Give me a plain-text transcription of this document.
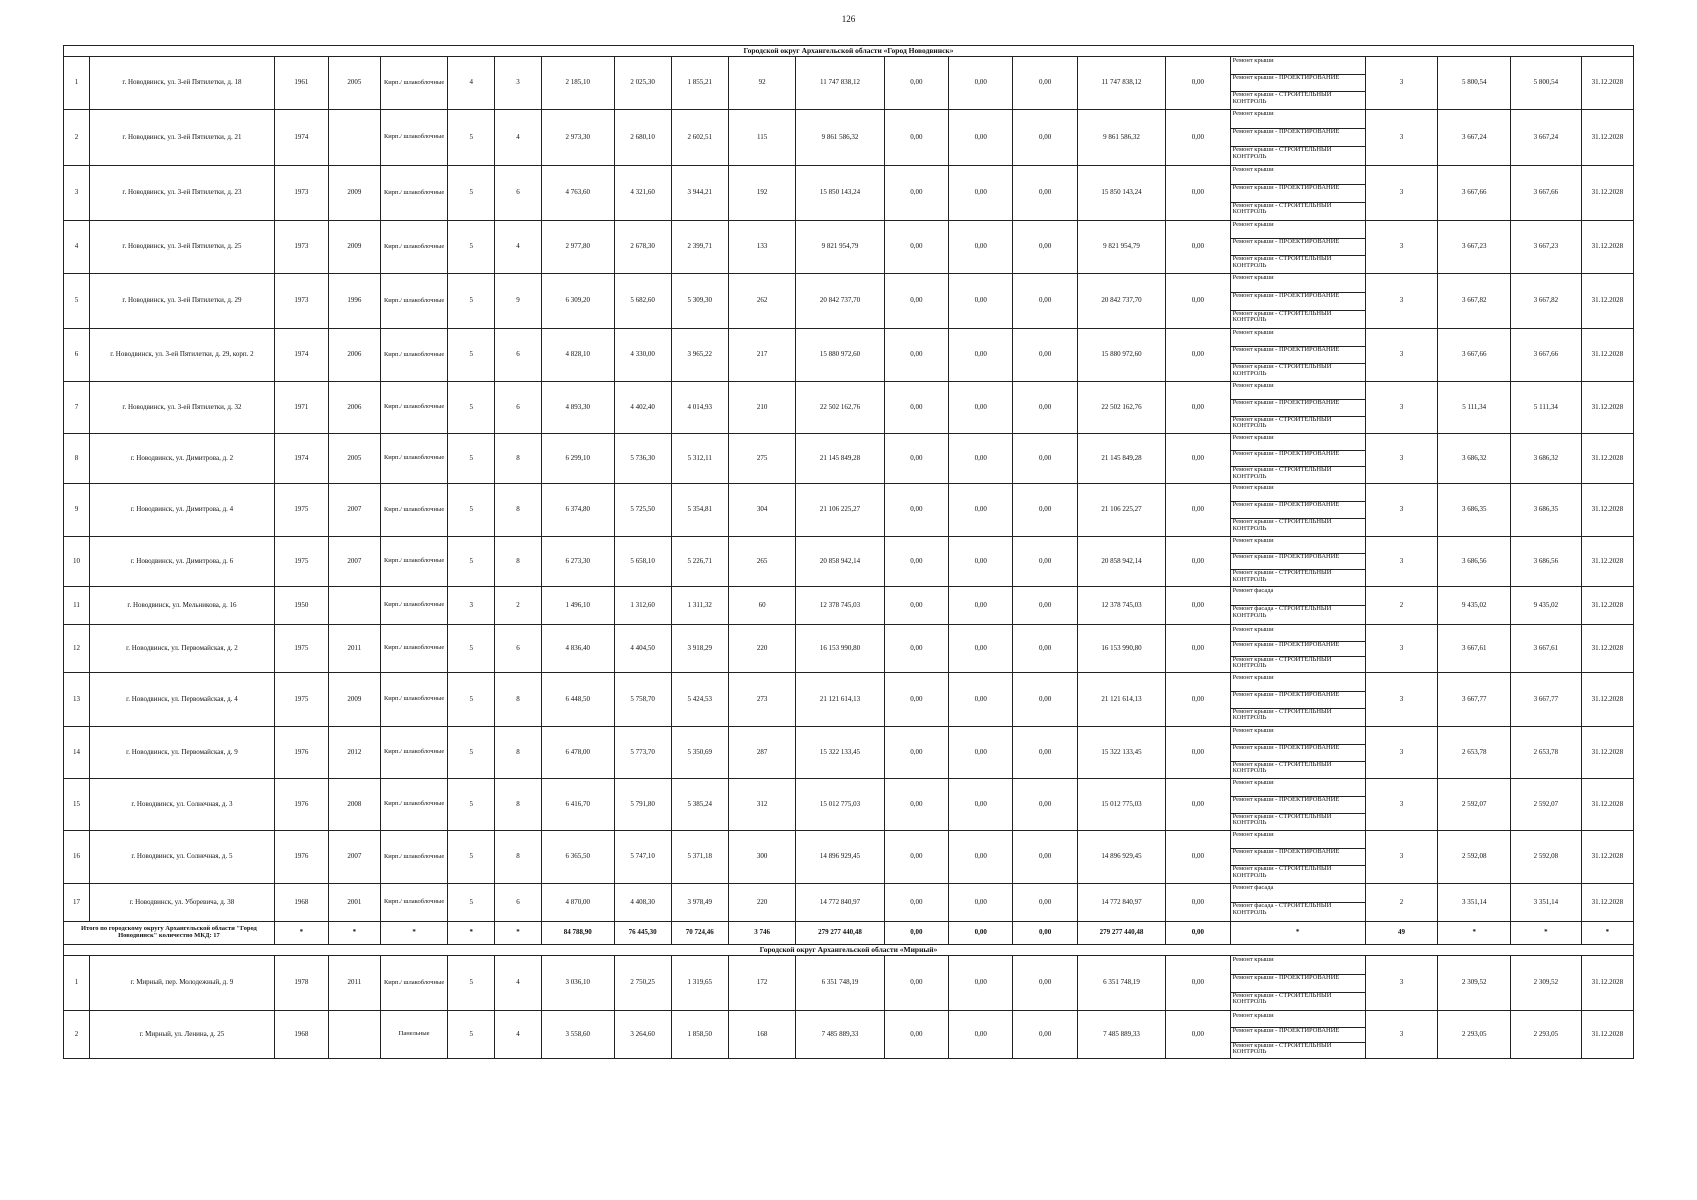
126
Городской округ Архангельской области «Город Новодвинск»																					
1	г. Новодвинск, ул. 3-ей Пятилетки, д. 18	1961	2005	Кирп./ шлакоблочные	4	3	2 185,10	2 025,30	1 855,21	92	11 747 838,12	0,00	0,00	0,00	11 747 838,12	0,00	Ремонт крыши
Ремонт крыши - ПРОЕКТИРОВАНИЕ
Ремонт крыши - СТРОИТЕЛЬНЫЙ КОНТРОЛЬ	3	5 800,54	5 800,54	31.12.2028
2	г. Новодвинск, ул. 3-ей Пятилетки, д. 21	1974		Кирп./ шлакоблочные	5	4	2 973,30	2 680,10	2 602,51	115	9 861 586,32	0,00	0,00	0,00	9 861 586,32	0,00	Ремонт крыши
Ремонт крыши - ПРОЕКТИРОВАНИЕ
Ремонт крыши - СТРОИТЕЛЬНЫЙ КОНТРОЛЬ	3	3 667,24	3 667,24	31.12.2028
3	г. Новодвинск, ул. 3-ей Пятилетки, д. 23	1973	2009	Кирп./ шлакоблочные	5	6	4 763,60	4 321,60	3 944,21	192	15 850 143,24	0,00	0,00	0,00	15 850 143,24	0,00	Ремонт крыши
Ремонт крыши - ПРОЕКТИРОВАНИЕ
Ремонт крыши - СТРОИТЕЛЬНЫЙ КОНТРОЛЬ	3	3 667,66	3 667,66	31.12.2028
4	г. Новодвинск, ул. 3-ей Пятилетки, д. 25	1973	2009	Кирп./ шлакоблочные	5	4	2 977,80	2 678,30	2 399,71	133	9 821 954,79	0,00	0,00	0,00	9 821 954,79	0,00	Ремонт крыши
Ремонт крыши - ПРОЕКТИРОВАНИЕ
Ремонт крыши - СТРОИТЕЛЬНЫЙ КОНТРОЛЬ	3	3 667,23	3 667,23	31.12.2028
5	г. Новодвинск, ул. 3-ей Пятилетки, д. 29	1973	1996	Кирп./ шлакоблочные	5	9	6 309,20	5 682,60	5 309,30	262	20 842 737,70	0,00	0,00	0,00	20 842 737,70	0,00	Ремонт крыши
Ремонт крыши - ПРОЕКТИРОВАНИЕ
Ремонт крыши - СТРОИТЕЛЬНЫЙ КОНТРОЛЬ	3	3 667,82	3 667,82	31.12.2028
6	г. Новодвинск, ул. 3-ей Пятилетки, д. 29, корп. 2	1974	2006	Кирп./ шлакоблочные	5	6	4 828,10	4 330,00	3 965,22	217	15 880 972,60	0,00	0,00	0,00	15 880 972,60	0,00	Ремонт крыши
Ремонт крыши - ПРОЕКТИРОВАНИЕ
Ремонт крыши - СТРОИТЕЛЬНЫЙ КОНТРОЛЬ	3	3 667,66	3 667,66	31.12.2028
7	г. Новодвинск, ул. 3-ей Пятилетки, д. 32	1971	2006	Кирп./ шлакоблочные	5	6	4 893,30	4 402,40	4 014,93	210	22 502 162,76	0,00	0,00	0,00	22 502 162,76	0,00	Ремонт крыши
Ремонт крыши - ПРОЕКТИРОВАНИЕ
Ремонт крыши - СТРОИТЕЛЬНЫЙ КОНТРОЛЬ	3	5 111,34	5 111,34	31.12.2028
8	г. Новодвинск, ул. Димитрова, д. 2	1974	2005	Кирп./ шлакоблочные	5	8	6 299,10	5 736,30	5 312,11	275	21 145 849,28	0,00	0,00	0,00	21 145 849,28	0,00	Ремонт крыши
Ремонт крыши - ПРОЕКТИРОВАНИЕ
Ремонт крыши - СТРОИТЕЛЬНЫЙ КОНТРОЛЬ	3	3 686,32	3 686,32	31.12.2028
9	г. Новодвинск, ул. Димитрова, д. 4	1975	2007	Кирп./ шлакоблочные	5	8	6 374,80	5 725,50	5 354,81	304	21 106 225,27	0,00	0,00	0,00	21 106 225,27	0,00	Ремонт крыши
Ремонт крыши - ПРОЕКТИРОВАНИЕ
Ремонт крыши - СТРОИТЕЛЬНЫЙ КОНТРОЛЬ	3	3 686,35	3 686,35	31.12.2028
10	г. Новодвинск, ул. Димитрова, д. 6	1975	2007	Кирп./ шлакоблочные	5	8	6 273,30	5 658,10	5 226,71	265	20 858 942,14	0,00	0,00	0,00	20 858 942,14	0,00	Ремонт крыши
Ремонт крыши - ПРОЕКТИРОВАНИЕ
Ремонт крыши - СТРОИТЕЛЬНЫЙ КОНТРОЛЬ	3	3 686,56	3 686,56	31.12.2028
11	г. Новодвинск, ул. Мельникова, д. 16	1950		Кирп./ шлакоблочные	3	2	1 496,10	1 312,60	1 311,32	60	12 378 745,03	0,00	0,00	0,00	12 378 745,03	0,00	Ремонт фасада
Ремонт фасада - СТРОИТЕЛЬНЫЙ КОНТРОЛЬ	2	9 435,02	9 435,02	31.12.2028
12	г. Новодвинск, ул. Первомайская, д. 2	1975	2011	Кирп./ шлакоблочные	5	6	4 836,40	4 404,50	3 918,29	220	16 153 990,80	0,00	0,00	0,00	16 153 990,80	0,00	Ремонт крыши
Ремонт крыши - ПРОЕКТИРОВАНИЕ
Ремонт крыши - СТРОИТЕЛЬНЫЙ КОНТРОЛЬ	3	3 667,61	3 667,61	31.12.2028
13	г. Новодвинск, ул. Первомайская, д. 4	1975	2009	Кирп./ шлакоблочные	5	8	6 448,50	5 758,70	5 424,53	273	21 121 614,13	0,00	0,00	0,00	21 121 614,13	0,00	Ремонт крыши
Ремонт крыши - ПРОЕКТИРОВАНИЕ
Ремонт крыши - СТРОИТЕЛЬНЫЙ КОНТРОЛЬ	3	3 667,77	3 667,77	31.12.2028
14	г. Новодвинск, ул. Первомайская, д. 9	1976	2012	Кирп./ шлакоблочные	5	8	6 478,00	5 773,70	5 350,69	287	15 322 133,45	0,00	0,00	0,00	15 322 133,45	0,00	Ремонт крыши
Ремонт крыши - ПРОЕКТИРОВАНИЕ
Ремонт крыши - СТРОИТЕЛЬНЫЙ КОНТРОЛЬ	3	2 653,78	2 653,78	31.12.2028
15	г. Новодвинск, ул. Солнечная, д. 3	1976	2008	Кирп./ шлакоблочные	5	8	6 416,70	5 791,80	5 385,24	312	15 012 775,03	0,00	0,00	0,00	15 012 775,03	0,00	Ремонт крыши
Ремонт крыши - ПРОЕКТИРОВАНИЕ
Ремонт крыши - СТРОИТЕЛЬНЫЙ КОНТРОЛЬ	3	2 592,07	2 592,07	31.12.2028
16	г. Новодвинск, ул. Солнечная, д. 5	1976	2007	Кирп./ шлакоблочные	5	8	6 365,50	5 747,10	5 371,18	300	14 896 929,45	0,00	0,00	0,00	14 896 929,45	0,00	Ремонт крыши
Ремонт крыши - ПРОЕКТИРОВАНИЕ
Ремонт крыши - СТРОИТЕЛЬНЫЙ КОНТРОЛЬ	3	2 592,08	2 592,08	31.12.2028
17	г. Новодвинск, ул. Уборевича, д. 38	1968	2001	Кирп./ шлакоблочные	5	6	4 870,00	4 408,30	3 978,49	220	14 772 840,97	0,00	0,00	0,00	14 772 840,97	0,00	Ремонт фасада
Ремонт фасада - СТРОИТЕЛЬНЫЙ КОНТРОЛЬ	2	3 351,14	3 351,14	31.12.2028
Итого по городскому округу Архангельской области "Город Новодвинск" количество МКД: 17		*	*	*	*	*	84 788,90	76 445,30	70 724,46	3 746	279 277 440,48	0,00	0,00	0,00	279 277 440,48	0,00	*	49	*	*	*
Городской округ Архангельской области «Мирный»																					
1	г. Мирный, пер. Молодежный, д. 9	1978	2011	Кирп./ шлакоблочные	5	4	3 036,10	2 750,25	1 319,65	172	6 351 748,19	0,00	0,00	0,00	6 351 748,19	0,00	Ремонт крыши
Ремонт крыши - ПРОЕКТИРОВАНИЕ
Ремонт крыши - СТРОИТЕЛЬНЫЙ КОНТРОЛЬ	3	2 309,52	2 309,52	31.12.2028
2	г. Мирный, ул. Ленина, д. 25	1968		Панельные	5	4	3 558,60	3 264,60	1 858,50	168	7 485 889,33	0,00	0,00	0,00	7 485 889,33	0,00	Ремонт крыши
Ремонт крыши - ПРОЕКТИРОВАНИЕ
Ремонт крыши - СТРОИТЕЛЬНЫЙ КОНТРОЛЬ	3	2 293,05	2 293,05	31.12.2028
